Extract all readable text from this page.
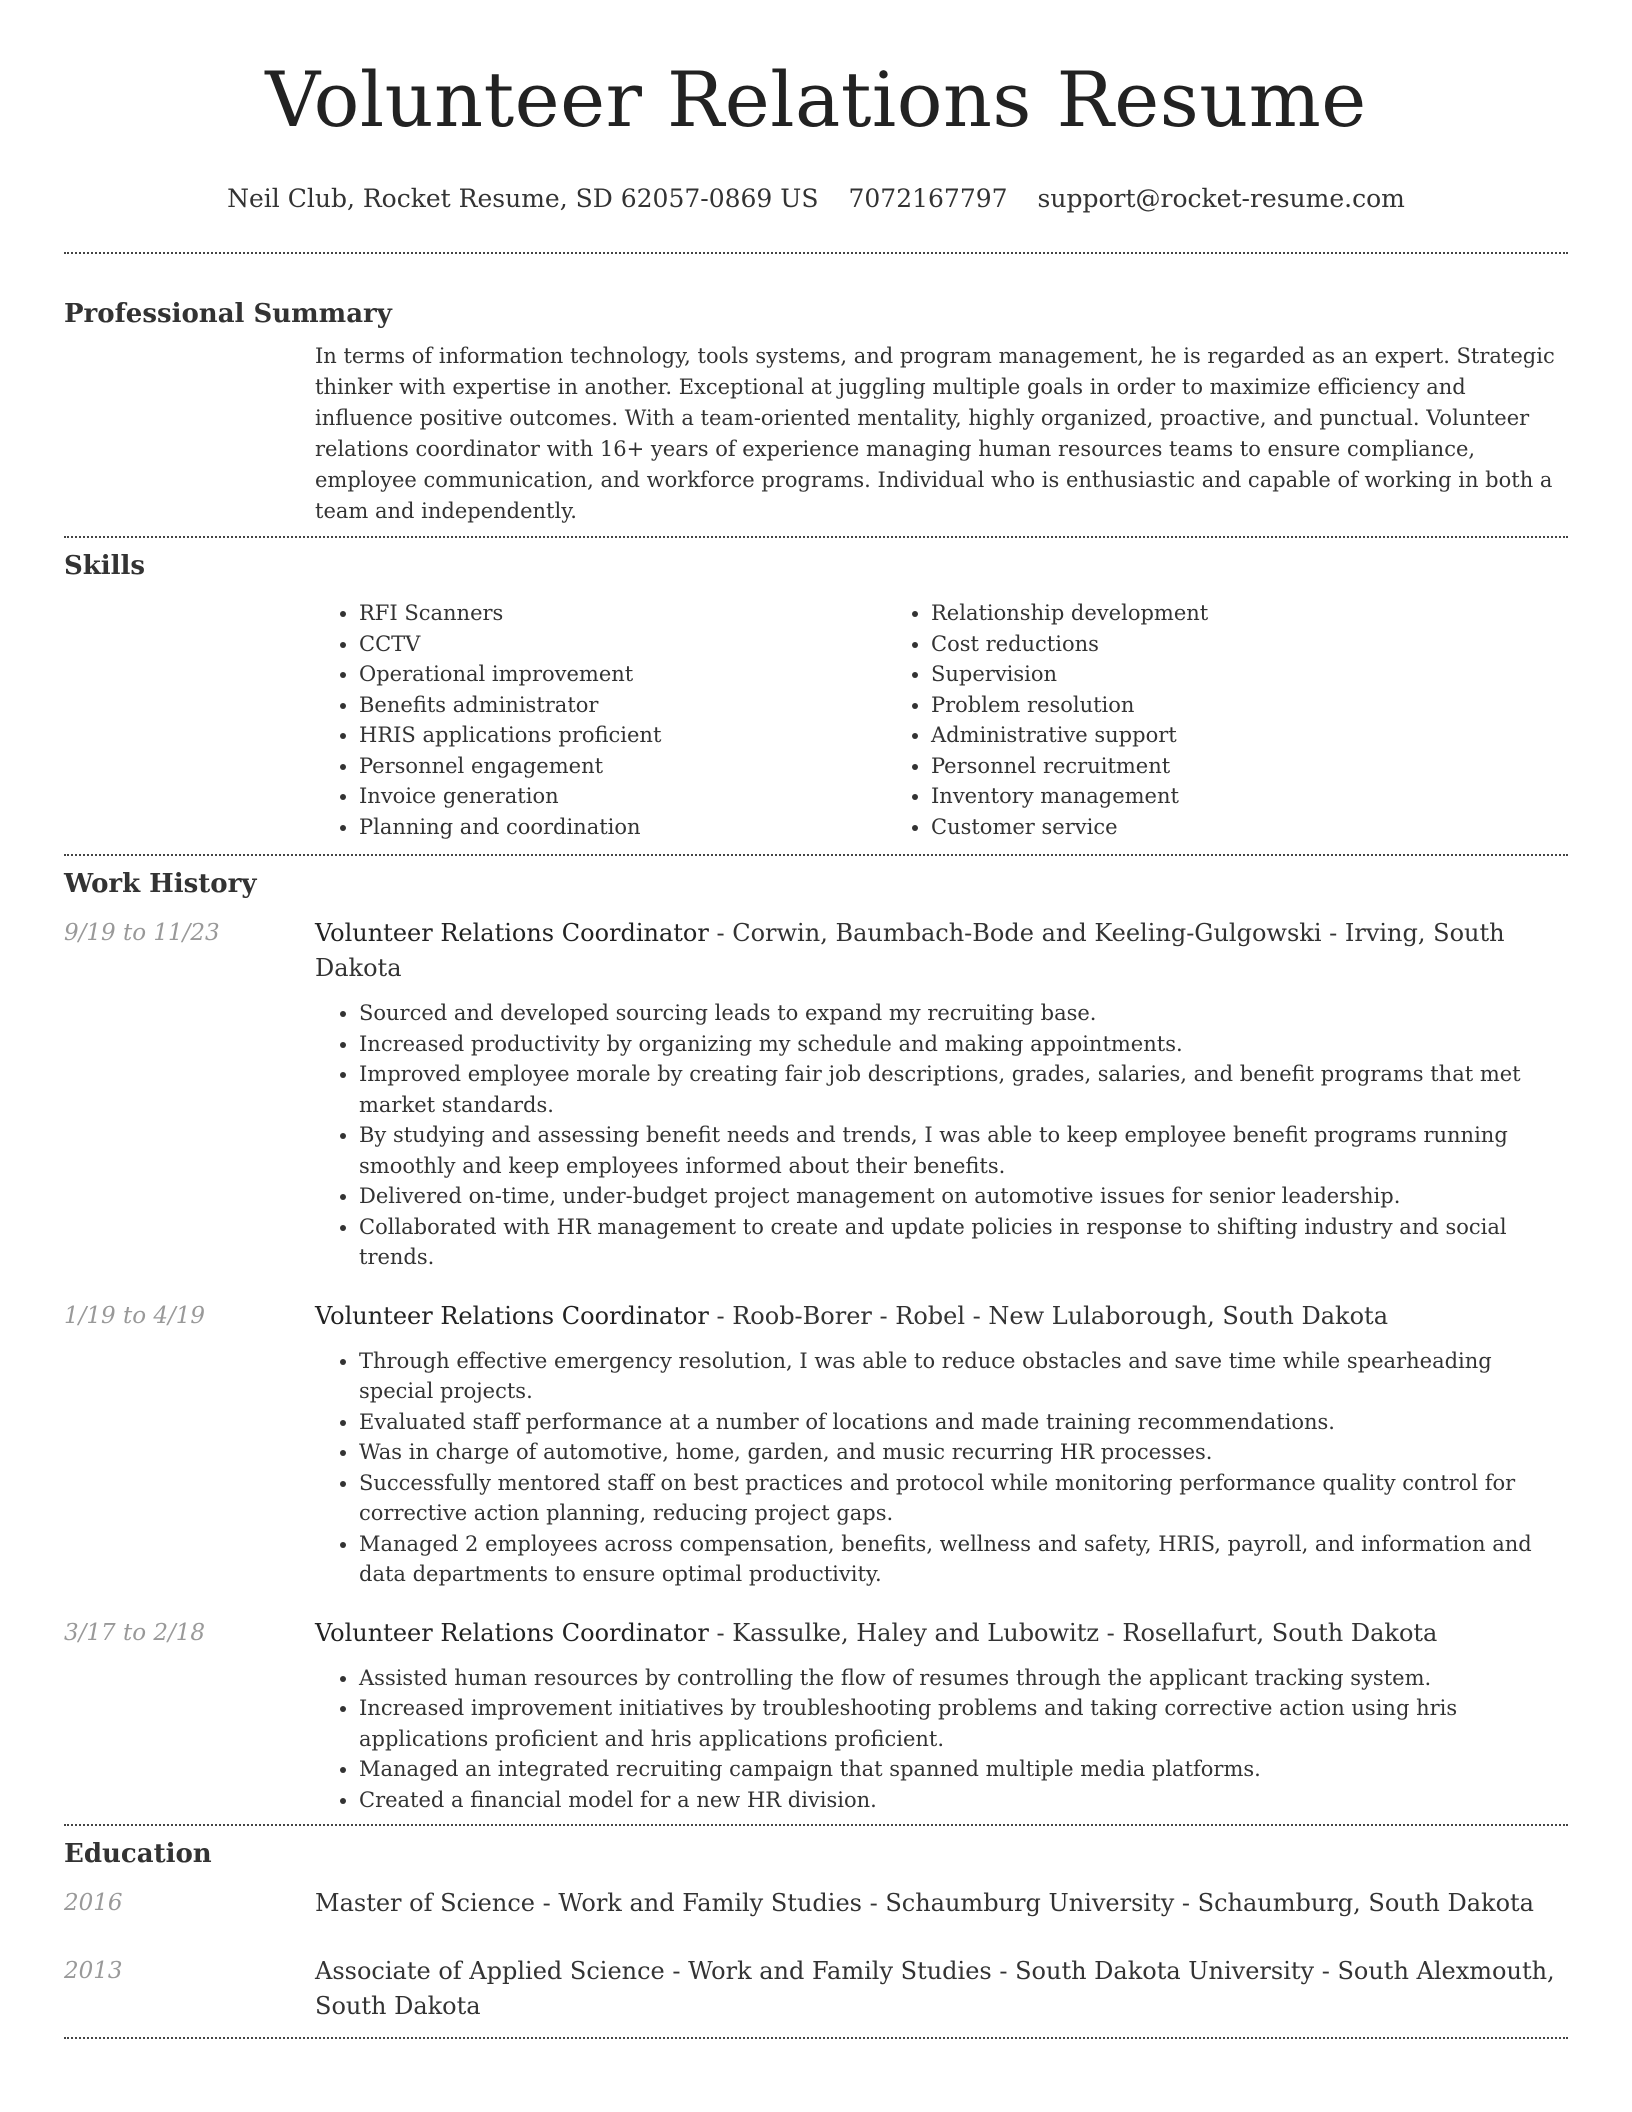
Volunteer Relations Resume
Neil Club, Rocket Resume, SD 62057-0869 US 7072167797 support@rocket-resume.com
Professional Summary

In terms of information technology, tools systems, and program management, he is regarded as an expert. Strategic thinker with expertise in another. Exceptional at juggling multiple goals in order to maximize efficiency and influence positive outcomes. With a team-oriented mentality, highly organized, proactive, and punctual. Volunteer relations coordinator with 16+ years of experience managing human resources teams to ensure compliance, employee communication, and workforce programs. Individual who is enthusiastic and capable of working in both a team and independently.

Skills
• RFI Scanners
• CCTV
• Operational improvement
• Benefits administrator
• HRIS applications proficient
• Personnel engagement
• Invoice generation
• Planning and coordination
• Relationship development
• Cost reductions
• Supervision
• Problem resolution
• Administrative support
• Personnel recruitment
• Inventory management
• Customer service
Work History
9/19 to 11/23	Volunteer Relations Coordinator - Corwin, Baumbach-Bode and Keeling-Gulgowski - Irving, South Dakota
• Sourced and developed sourcing leads to expand my recruiting base.
• Increased productivity by organizing my schedule and making appointments.
• Improved employee morale by creating fair job descriptions, grades, salaries, and benefit programs that met market standards.
• By studying and assessing benefit needs and trends, I was able to keep employee benefit programs running smoothly and keep employees informed about their benefits.
• Delivered on-time, under-budget project management on automotive issues for senior leadership.
• Collaborated with HR management to create and update policies in response to shifting industry and social trends.
1/19 to 4/19	Volunteer Relations Coordinator - Roob-Borer - Robel - New Lulaborough, South Dakota
• Through effective emergency resolution, I was able to reduce obstacles and save time while spearheading special projects.
• Evaluated staff performance at a number of locations and made training recommendations.
• Was in charge of automotive, home, garden, and music recurring HR processes.
• Successfully mentored staff on best practices and protocol while monitoring performance quality control for corrective action planning, reducing project gaps.
• Managed 2 employees across compensation, benefits, wellness and safety, HRIS, payroll, and information and data departments to ensure optimal productivity.
3/17 to 2/18	Volunteer Relations Coordinator - Kassulke, Haley and Lubowitz - Rosellafurt, South Dakota
• Assisted human resources by controlling the flow of resumes through the applicant tracking system.
• Increased improvement initiatives by troubleshooting problems and taking corrective action using hris applications proficient and hris applications proficient.
• Managed an integrated recruiting campaign that spanned multiple media platforms.
• Created a financial model for a new HR division.
Education
2016	Master of Science - Work and Family Studies - Schaumburg University - Schaumburg, South Dakota
2013	Associate of Applied Science - Work and Family Studies - South Dakota University - South Alexmouth, South Dakota
